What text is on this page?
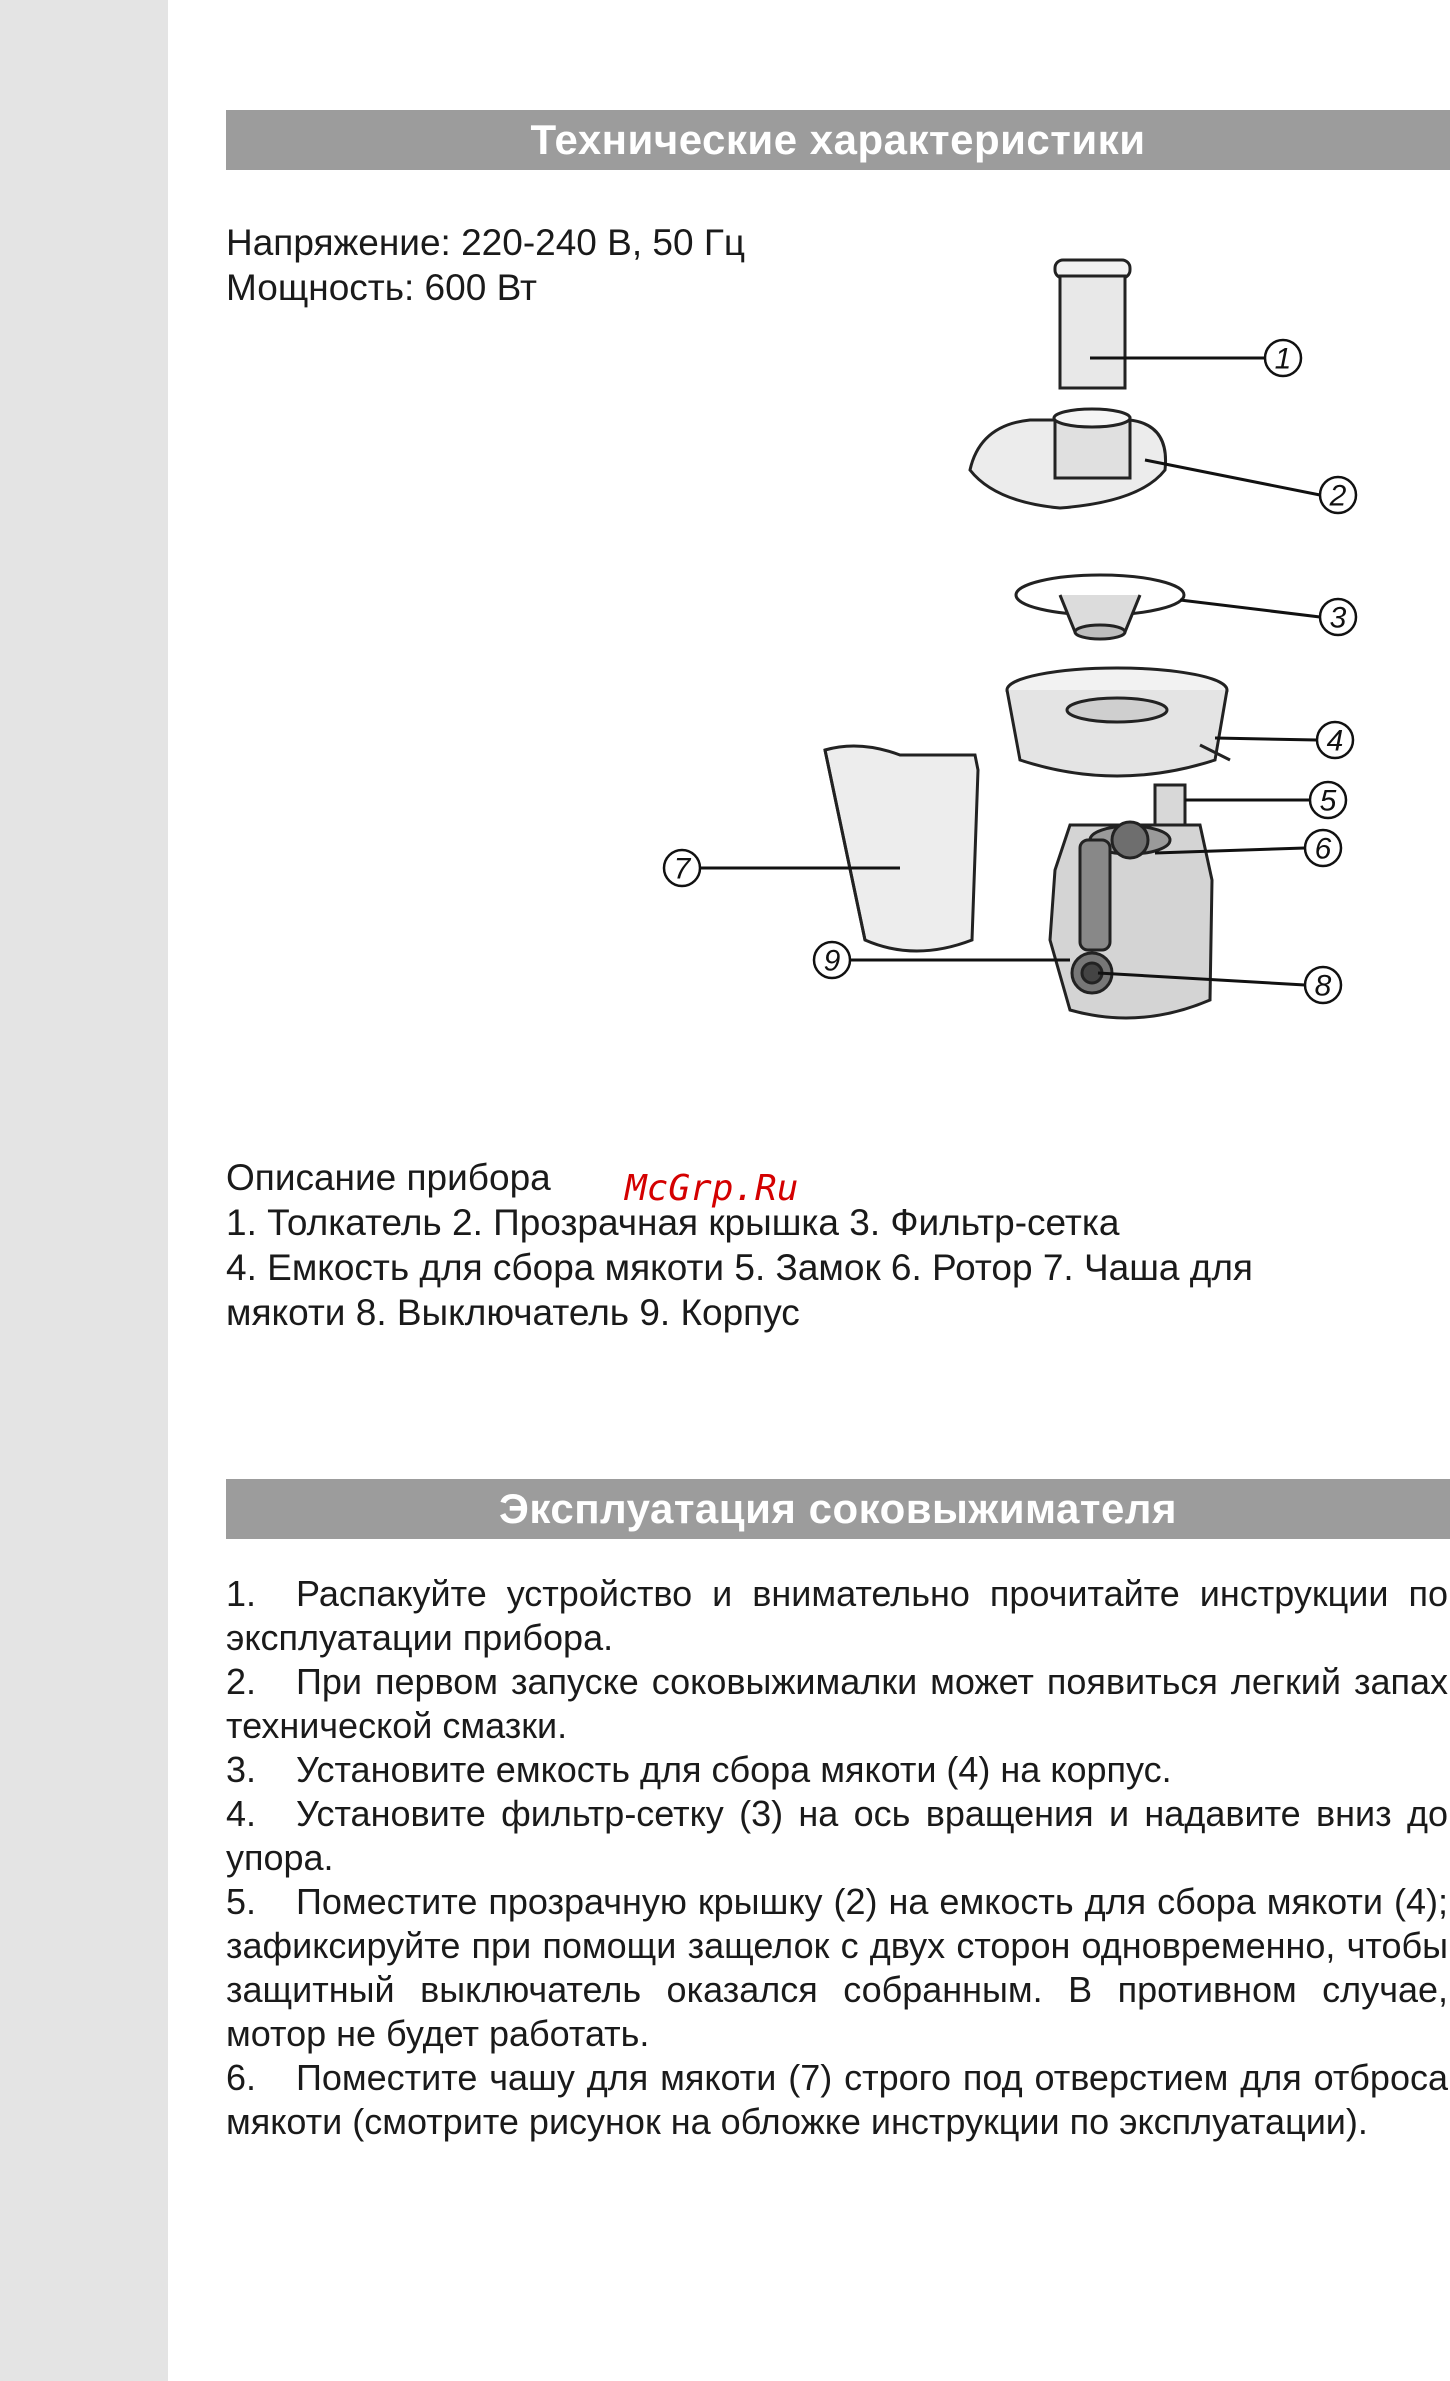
Технические характеристики
Напряжение: 220-240 В, 50 Гц
Мощность: 600 Вт
1
2
3
4
5
6
7
8
9
Описание прибора
1. Толкатель 2. Прозрачная крышка 3. Фильтр-сетка
4. Емкость для сбора мякоти 5. Замок 6. Ротор 7. Чаша для
мякоти 8. Выключатель 9. Корпус
McGrp.Ru
Эксплуатация соковыжимателя
1. Распакуйте устройство и внимательно прочитайте инструкции по эксплуатации прибора.
2. При первом запуске соковыжималки может появиться легкий запах технической смазки.
3. Установите емкость для сбора мякоти (4) на корпус.
4. Установите фильтр-сетку (3) на ось вращения и надавите вниз до упора.
5. Поместите прозрачную крышку (2) на емкость для сбора мякоти (4); зафиксируйте при помощи защелок с двух сторон одновременно, чтобы защитный выключатель оказался собранным. В противном случае, мотор не будет работать.
6. Поместите чашу для мякоти (7) строго под отверстием для отброса мякоти (смотрите рисунок на обложке инструкции по эксплуатации).
